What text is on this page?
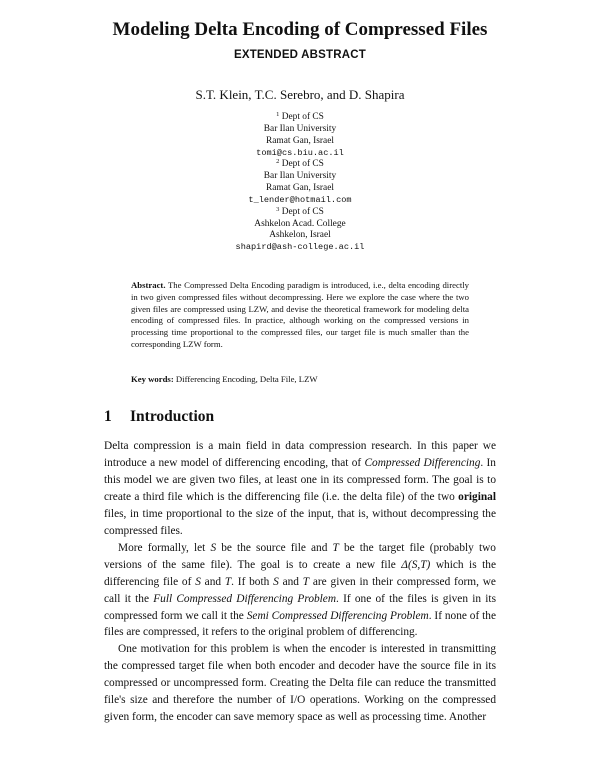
Modeling Delta Encoding of Compressed Files
EXTENDED ABSTRACT
S.T. Klein, T.C. Serebro, and D. Shapira
$^1$ Dept of CS
Bar Ilan University
Ramat Gan, Israel
tomi@cs.biu.ac.il
$^2$ Dept of CS
Bar Ilan University
Ramat Gan, Israel
t_lender@hotmail.com
$^3$ Dept of CS
Ashkelon Acad. College
Ashkelon, Israel
shapird@ash-college.ac.il
Abstract. The Compressed Delta Encoding paradigm is introduced, i.e., delta encoding directly in two given compressed files without decompressing. Here we explore the case where the two given files are compressed using LZW, and devise the theoretical framework for modeling delta encoding of compressed files. In practice, although working on the compressed versions in processing time proportional to the compressed files, our target file is much smaller than the corresponding LZW form.
Key words: Differencing Encoding, Delta File, LZW
1 Introduction

Delta compression is a main field in data compression research. In this paper we introduce a new model of differencing encoding, that of Compressed Differencing. In this model we are given two files, at least one in its compressed form. The goal is to create a third file which is the differencing file (i.e. the delta file) of the two original files, in time proportional to the size of the input, that is, without decompressing the compressed files.

More formally, let S be the source file and T be the target file (probably two versions of the same file). The goal is to create a new file Δ(S,T) which is the differencing file of S and T. If both S and T are given in their compressed form, we call it the Full Compressed Differencing Problem. If one of the files is given in its compressed form we call it the Semi Compressed Differencing Problem. If none of the files are compressed, it refers to the original problem of differencing.

One motivation for this problem is when the encoder is interested in transmitting the compressed target file when both encoder and decoder have the source file in its compressed or uncompressed form. Creating the Delta file can reduce the transmitted file's size and therefore the number of I/O operations. Working on the compressed given form, the encoder can save memory space as well as processing time. Another
